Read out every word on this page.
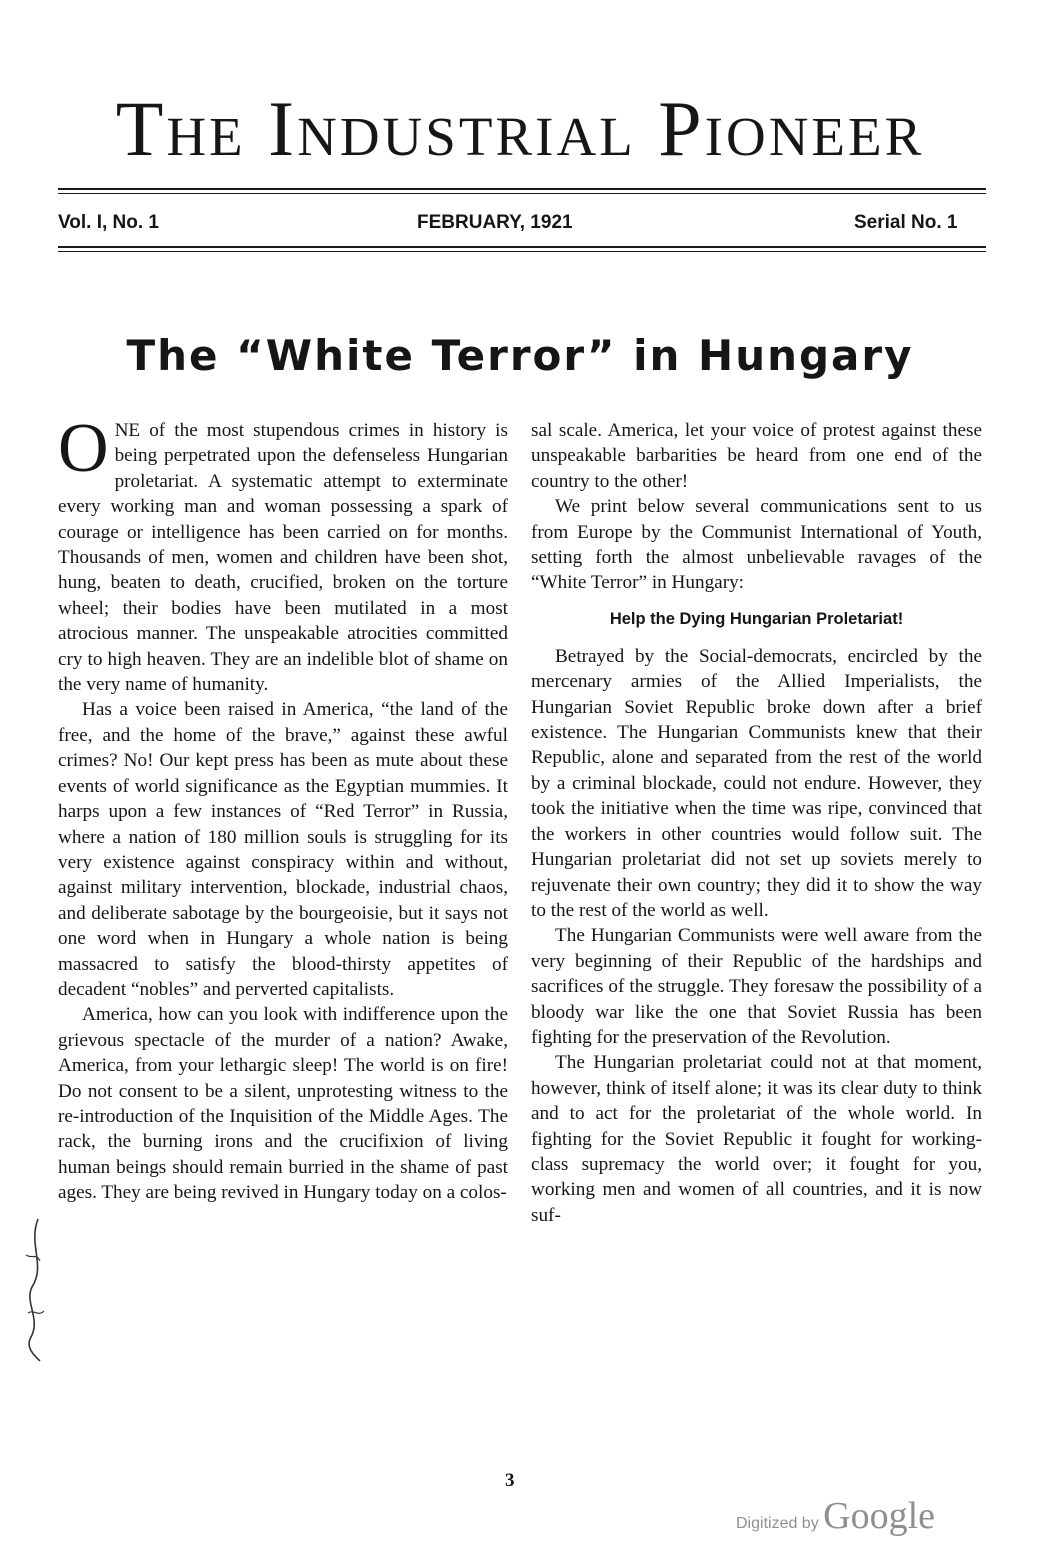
The Industrial Pioneer
Vol. I, No. 1	FEBRUARY, 1921	Serial No. 1
The “White Terror” in Hungary

ONE of the most stupendous crimes in history is being perpetrated upon the defenseless Hungarian proletariat. A systematic attempt to exterminate every working man and woman possessing a spark of courage or intelligence has been carried on for months. Thousands of men, women and children have been shot, hung, beaten to death, crucified, broken on the torture wheel; their bodies have been mutilated in a most atrocious manner. The unspeakable atrocities committed cry to high heaven. They are an indelible blot of shame on the very name of humanity.

Has a voice been raised in America, “the land of the free, and the home of the brave,” against these awful crimes? No! Our kept press has been as mute about these events of world significance as the Egyptian mummies. It harps upon a few instances of “Red Terror” in Russia, where a nation of 180 million souls is struggling for its very existence against conspiracy within and without, against military intervention, blockade, industrial chaos, and deliberate sabotage by the bourgeoisie, but it says not one word when in Hungary a whole nation is being massacred to satisfy the blood-thirsty appetites of decadent “nobles” and perverted capitalists.

America, how can you look with indifference upon the grievous spectacle of the murder of a nation? Awake, America, from your lethargic sleep! The world is on fire! Do not consent to be a silent, unprotesting witness to the re-introduction of the Inquisition of the Middle Ages. The rack, the burning irons and the crucifixion of living human beings should remain burried in the shame of past ages. They are being revived in Hungary today on a colos-

sal scale. America, let your voice of protest against these unspeakable barbarities be heard from one end of the country to the other!

We print below several communications sent to us from Europe by the Communist International of Youth, setting forth the almost unbelievable ravages of the “White Terror” in Hungary:

Help the Dying Hungarian Proletariat!

Betrayed by the Social-democrats, encircled by the mercenary armies of the Allied Imperialists, the Hungarian Soviet Republic broke down after a brief existence. The Hungarian Communists knew that their Republic, alone and separated from the rest of the world by a criminal blockade, could not endure. However, they took the initiative when the time was ripe, convinced that the workers in other countries would follow suit. The Hungarian proletariat did not set up soviets merely to rejuvenate their own country; they did it to show the way to the rest of the world as well.

The Hungarian Communists were well aware from the very beginning of their Republic of the hardships and sacrifices of the struggle. They foresaw the possibility of a bloody war like the one that Soviet Russia has been fighting for the preservation of the Revolution.

The Hungarian proletariat could not at that moment, however, think of itself alone; it was its clear duty to think and to act for the proletariat of the whole world. In fighting for the Soviet Republic it fought for working-class supremacy the world over; it fought for you, working men and women of all countries, and it is now suf-

3
Digitized by Google
